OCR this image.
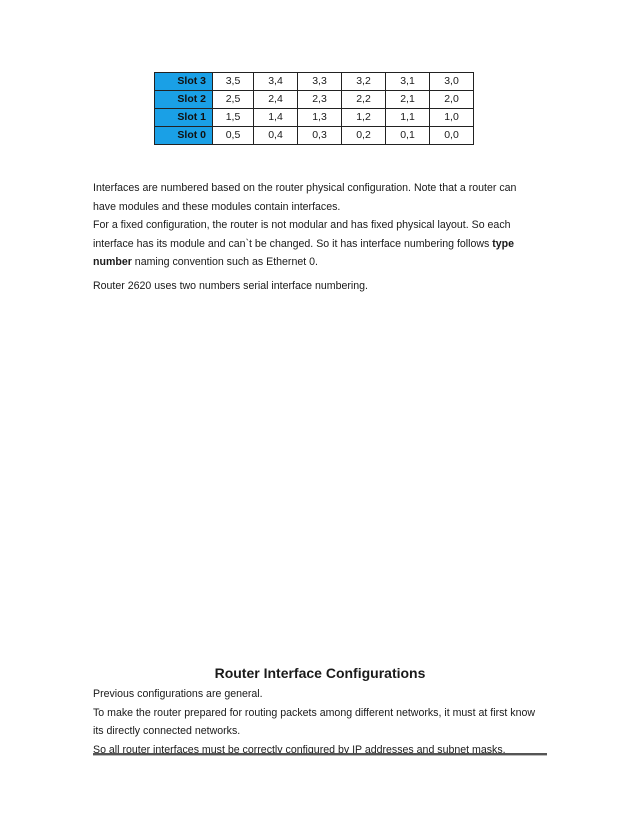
Slot 3	3,5	3,4	3,3	3,2	3,1	3,0
Slot 2	2,5	2,4	2,3	2,2	2,1	2,0
Slot 1	1,5	1,4	1,3	1,2	1,1	1,0
Slot 0	0,5	0,4	0,3	0,2	0,1	0,0

Interfaces are numbered based on the router physical configuration. Note that a router can
have modules and these modules contain interfaces.
For a fixed configuration, the router is not modular and has fixed physical layout. So each
interface has its module and can`t be changed. So it has interface numbering follows type
number naming convention such as Ethernet 0.

Router 2620 uses two numbers serial interface numbering.

Router Interface Configurations

Previous configurations are general.
To make the router prepared for routing packets among different networks, it must at first know
its directly connected networks.
So all router interfaces must be correctly configured by IP addresses and subnet masks.
